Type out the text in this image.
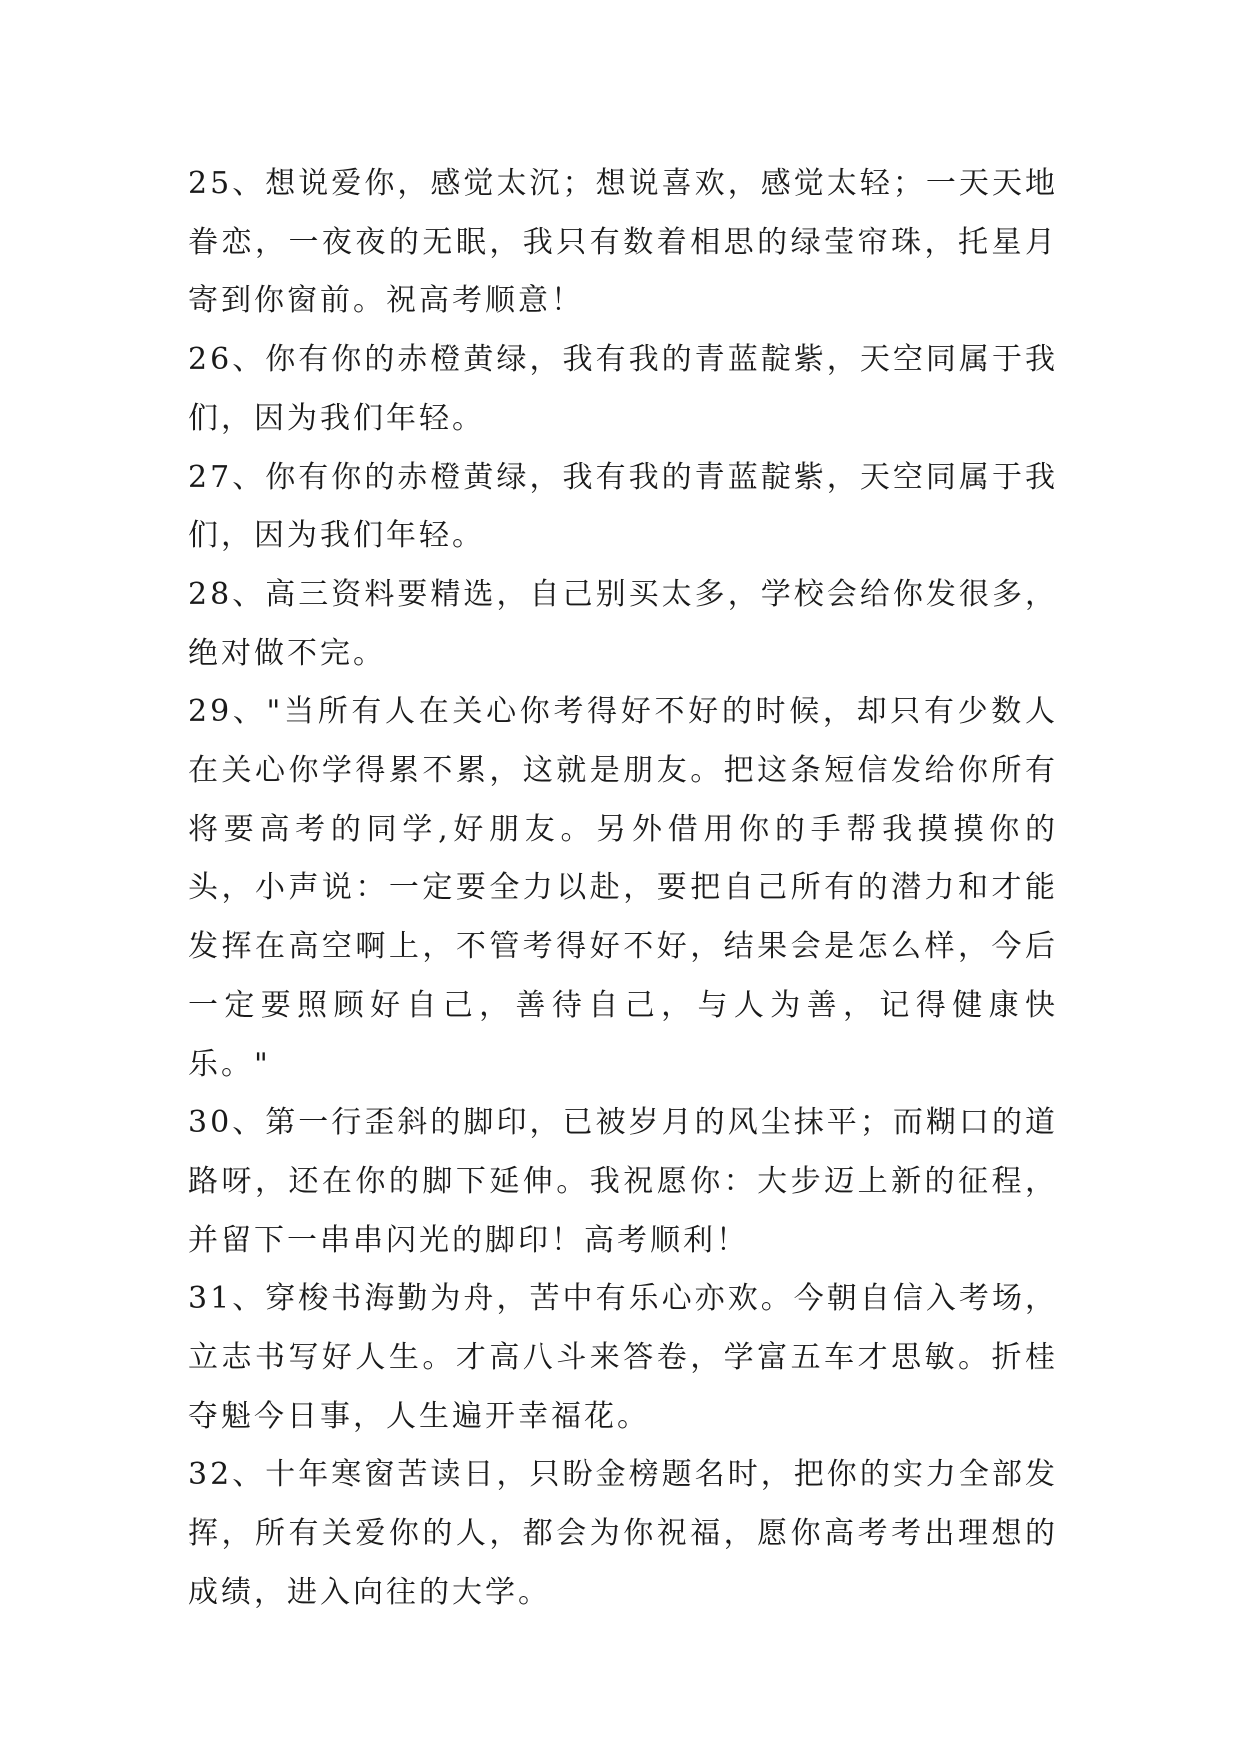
25、想说爱你，感觉太沉；想说喜欢，感觉太轻；一天天地眷恋，一夜夜的无眠，我只有数着相思的绿莹帘珠，托星月寄到你窗前。祝高考顺意！

26、你有你的赤橙黄绿，我有我的青蓝靛紫，天空同属于我们，因为我们年轻。

27、你有你的赤橙黄绿，我有我的青蓝靛紫，天空同属于我们，因为我们年轻。

28、高三资料要精选，自己别买太多，学校会给你发很多，绝对做不完。

29、"当所有人在关心你考得好不好的时候，却只有少数人在关心你学得累不累，这就是朋友。把这条短信发给你所有将要高考的同学,好朋友。另外借用你的手帮我摸摸你的头，小声说：一定要全力以赴，要把自己所有的潜力和才能发挥在高空啊上，不管考得好不好，结果会是怎么样，今后一定要照顾好自己，善待自己，与人为善，记得健康快乐。"

30、第一行歪斜的脚印，已被岁月的风尘抹平；而糊口的道路呀，还在你的脚下延伸。我祝愿你：大步迈上新的征程，并留下一串串闪光的脚印！高考顺利！

31、穿梭书海勤为舟，苦中有乐心亦欢。今朝自信入考场，立志书写好人生。才高八斗来答卷，学富五车才思敏。折桂夺魁今日事，人生遍开幸福花。

32、十年寒窗苦读日，只盼金榜题名时，把你的实力全部发挥，所有关爱你的人，都会为你祝福，愿你高考考出理想的成绩，进入向往的大学。
